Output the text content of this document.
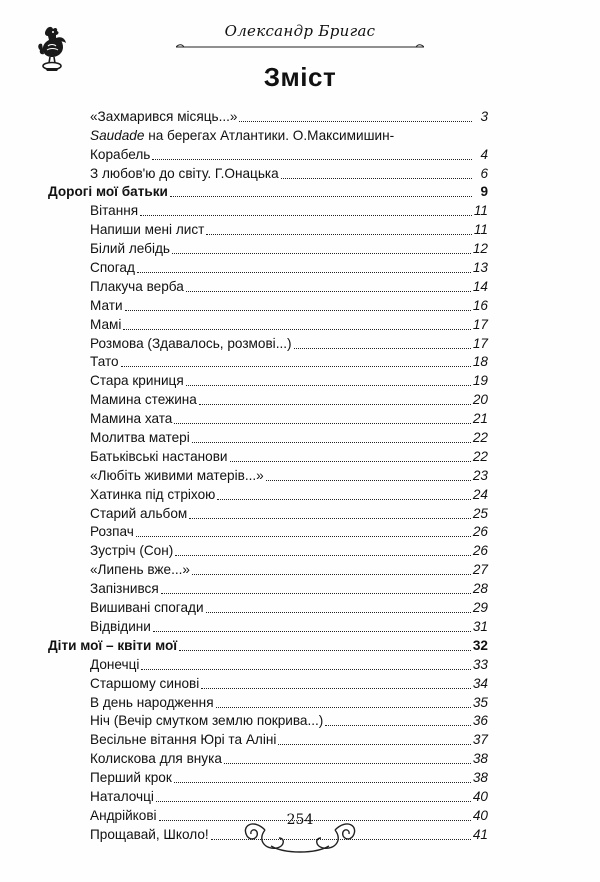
Олександр Бригас
Зміст
«Захмарився місяць...»	3
Saudade на берегах Атлантики. О.Максимишин-
Корабель	4
З любов'ю до світу. Г.Онацька	6
Дорогі мої батьки	9
Вітання	11
Напиши мені лист	11
Білий лебідь	12
Спогад	13
Плакуча верба	14
Мати	16
Мамі	17
Розмова (Здавалось, розмові...)	17
Тато	18
Стара криниця	19
Мамина стежина	20
Мамина хата	21
Молитва матері	22
Батьківські настанови	22
«Любіть живими матерів...»	23
Хатинка під стріхою	24
Старий альбом	25
Розпач	26
Зустріч (Сон)	26
«Липень вже...»	27
Запізнився	28
Вишивані спогади	29
Відвідини	31
Діти мої – квіти мої	32
Донечці	33
Старшому синові	34
В день народження	35
Ніч (Вечір смутком землю покрива...)	36
Весільне вітання Юрі та Аліні	37
Колискова для внука	38
Перший крок	38
Наталочці	40
Андрійкові	40
Прощавай, Школо!	41
254
